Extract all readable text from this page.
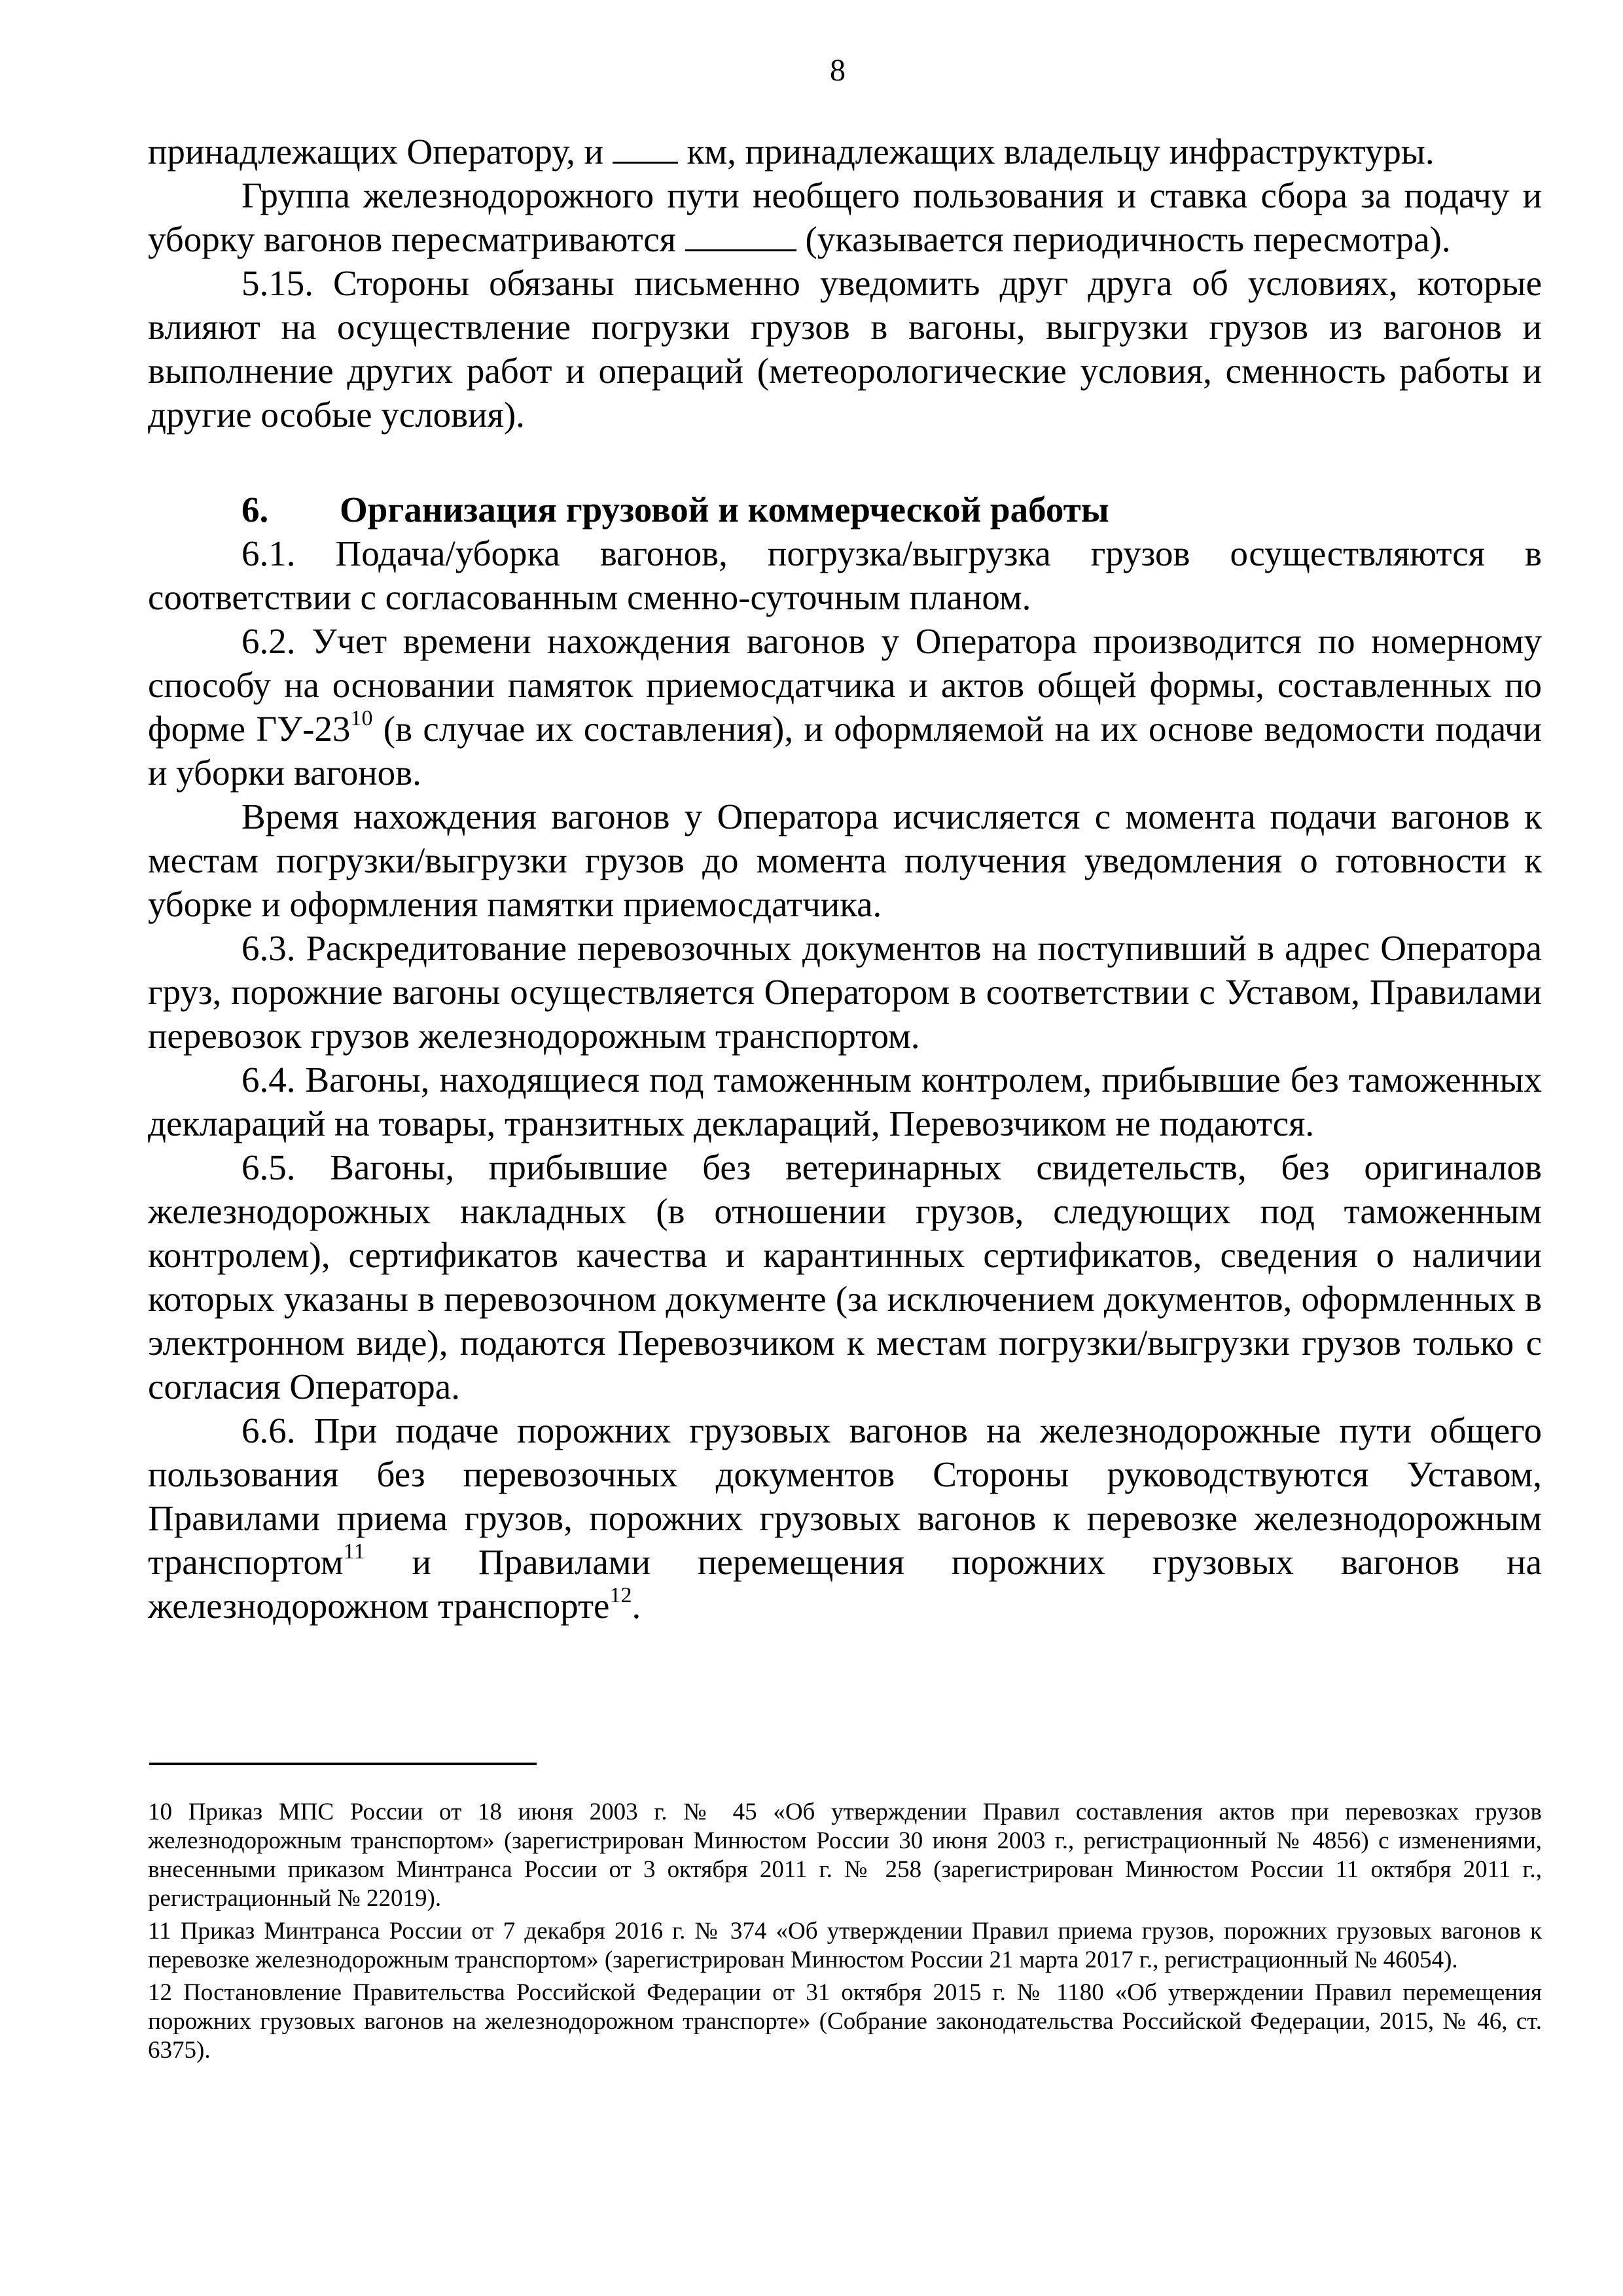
8

принадлежащих Оператору, и  км, принадлежащих владельцу инфраструктуры.

Группа железнодорожного пути необщего пользования и ставка сбора за подачу и уборку вагонов пересматриваются	(указывается периодичность пересмотра).

5.15. Стороны обязаны письменно уведомить друг друга об условиях, которые влияют на осуществление погрузки грузов в вагоны, выгрузки грузов из вагонов и выполнение других работ и операций (метеорологические условия, сменность работы и другие особые условия).

6. Организация грузовой и коммерческой работы

6.1. Подача/уборка вагонов, погрузка/выгрузка грузов осуществляются в соответствии с согласованным сменно-суточным планом.

6.2. Учет времени нахождения вагонов у Оператора производится по номерному способу на основании памяток приемосдатчика и актов общей формы, составленных по форме $ГУ-23^{10}$ (в случае их составления), и оформляемой на их основе ведомости подачи и уборки вагонов.

Время нахождения вагонов у Оператора исчисляется с момента подачи вагонов к местам погрузки/выгрузки грузов до момента получения уведомления о готовности к уборке и оформления памятки приемосдатчика.

6.3. Раскредитование перевозочных документов на поступивший в адрес Оператора груз, порожние вагоны осуществляется Оператором в соответствии с Уставом, Правилами перевозок грузов железнодорожным транспортом.

6.4. Вагоны, находящиеся под таможенным контролем, прибывшие без таможенных деклараций на товары, транзитных деклараций, Перевозчиком не подаются.

6.5. Вагоны, прибывшие без ветеринарных свидетельств, без оригиналов железнодорожных накладных (в отношении грузов, следующих под таможенным контролем), сертификатов качества и карантинных сертификатов, сведения о наличии которых указаны в перевозочном документе (за исключением документов, оформленных в электронном виде), подаются Перевозчиком к местам погрузки/выгрузки грузов только с согласия Оператора.

6.6. При подаче порожних грузовых вагонов на железнодорожные пути общего пользования без перевозочных документов Стороны руководствуются Уставом, Правилами приема грузов, порожних грузовых вагонов к перевозке железнодорожным транспортом$^{11}$ и Правилами перемещения порожних грузовых вагонов на железнодорожном транспорте$^{12}$.

10 Приказ МПС России от 18 июня 2003 г. № 45 «Об утверждении Правил составления актов при перевозках грузов железнодорожным транспортом» (зарегистрирован Минюстом России 30 июня 2003 г., регистрационный № 4856) с изменениями, внесенными приказом Минтранса России от 3 октября 2011 г. № 258 (зарегистрирован Минюстом России 11 октября 2011 г., регистрационный № 22019).

11 Приказ Минтранса России от 7 декабря 2016 г. № 374 «Об утверждении Правил приема грузов, порожних грузовых вагонов к перевозке железнодорожным транспортом» (зарегистрирован Минюстом России 21 марта 2017 г., регистрационный № 46054).

12 Постановление Правительства Российской Федерации от 31 октября 2015 г. № 1180 «Об утверждении Правил перемещения порожних грузовых вагонов на железнодорожном транспорте» (Собрание законодательства Российской Федерации, 2015, № 46, ст. 6375).
